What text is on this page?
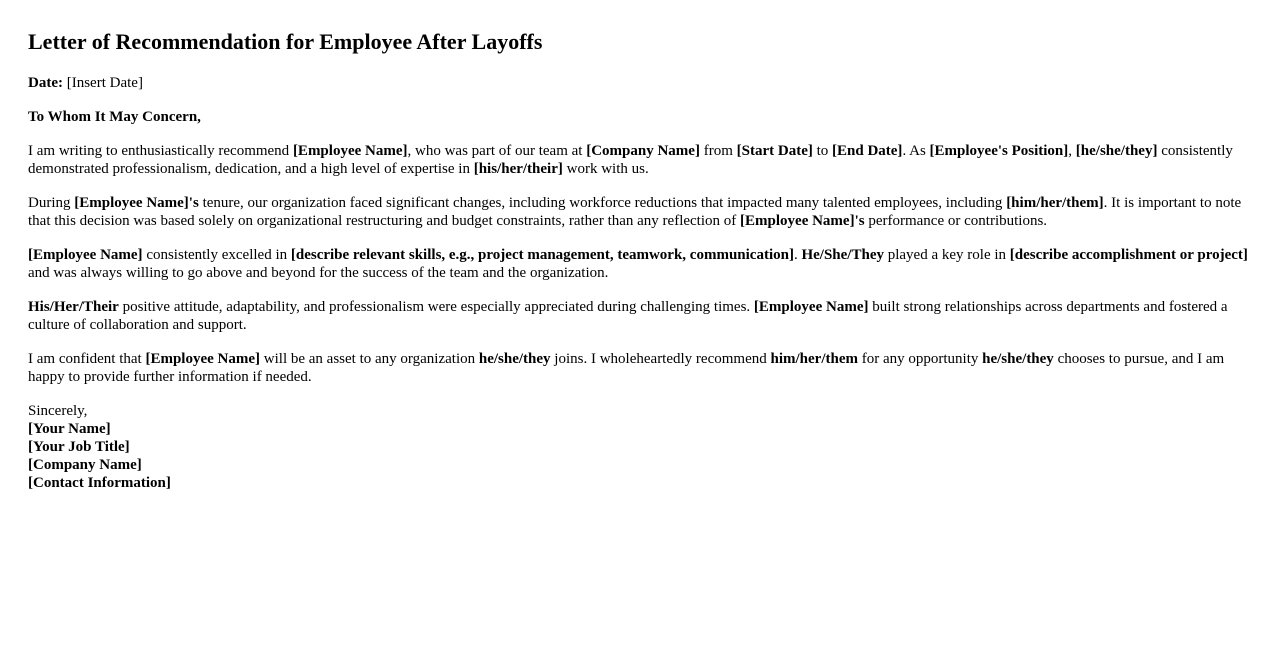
Letter of Recommendation for Employee After Layoffs
Date: [Insert Date]
To Whom It May Concern,
I am writing to enthusiastically recommend [Employee Name], who was part of our team at [Company Name] from [Start Date] to [End Date]. As [Employee's Position], [he/she/they] consistently demonstrated professionalism, dedication, and a high level of expertise in [his/her/their] work with us.
During [Employee Name]'s tenure, our organization faced significant changes, including workforce reductions that impacted many talented employees, including [him/her/them]. It is important to note that this decision was based solely on organizational restructuring and budget constraints, rather than any reflection of [Employee Name]'s performance or contributions.
[Employee Name] consistently excelled in [describe relevant skills, e.g., project management, teamwork, communication]. He/She/They played a key role in [describe accomplishment or project] and was always willing to go above and beyond for the success of the team and the organization.
His/Her/Their positive attitude, adaptability, and professionalism were especially appreciated during challenging times. [Employee Name] built strong relationships across departments and fostered a culture of collaboration and support.
I am confident that [Employee Name] will be an asset to any organization he/she/they joins. I wholeheartedly recommend him/her/them for any opportunity he/she/they chooses to pursue, and I am happy to provide further information if needed.
Sincerely,
[Your Name]
[Your Job Title]
[Company Name]
[Contact Information]
